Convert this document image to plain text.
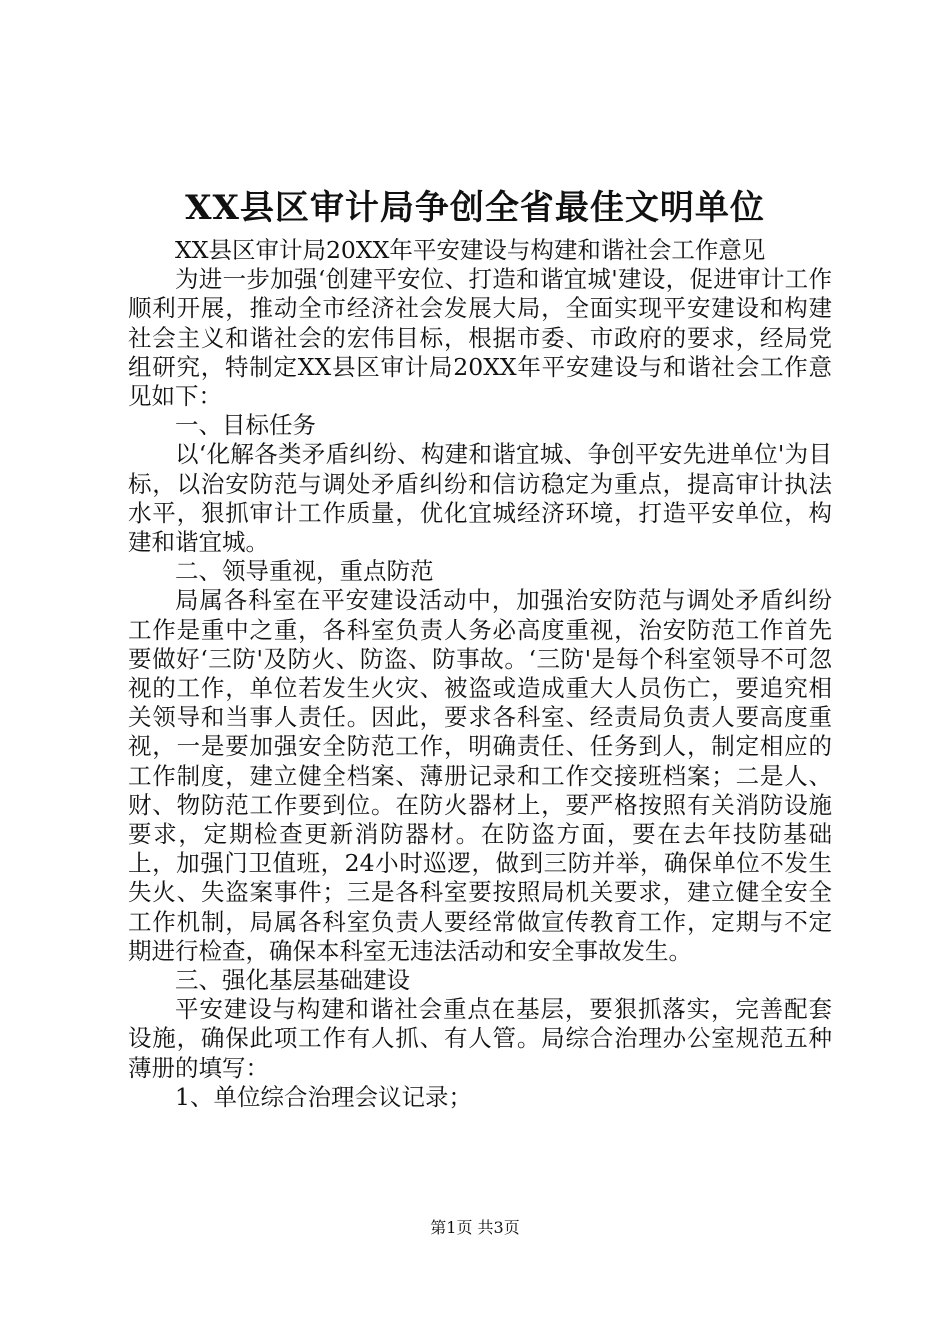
XX县区审计局争创全省最佳文明单位

XX县区审计局20XX年平安建设与构建和谐社会工作意见

为进一步加强‘创建平安位、打造和谐宜城'建设，促进审计工作顺利开展，推动全市经济社会发展大局，全面实现平安建设和构建社会主义和谐社会的宏伟目标，根据市委、市政府的要求，经局党组研究，特制定XX县区审计局20XX年平安建设与和谐社会工作意见如下：

一、目标任务

以‘化解各类矛盾纠纷、构建和谐宜城、争创平安先进单位'为目标，以治安防范与调处矛盾纠纷和信访稳定为重点，提高审计执法水平，狠抓审计工作质量，优化宜城经济环境，打造平安单位，构建和谐宜城。

二、领导重视，重点防范

局属各科室在平安建设活动中，加强治安防范与调处矛盾纠纷工作是重中之重，各科室负责人务必高度重视，治安防范工作首先要做好‘三防'及防火、防盗、防事故。‘三防'是每个科室领导不可忽视的工作，单位若发生火灾、被盗或造成重大人员伤亡，要追究相关领导和当事人责任。因此，要求各科室、经责局负责人要高度重视，一是要加强安全防范工作，明确责任、任务到人，制定相应的工作制度，建立健全档案、薄册记录和工作交接班档案；二是人、财、物防范工作要到位。在防火器材上，要严格按照有关消防设施要求，定期检查更新消防器材。在防盗方面，要在去年技防基础上，加强门卫值班，24小时巡逻，做到三防并举，确保单位不发生失火、失盗案事件；三是各科室要按照局机关要求，建立健全安全工作机制，局属各科室负责人要经常做宣传教育工作，定期与不定期进行检查，确保本科室无违法活动和安全事故发生。

三、强化基层基础建设

平安建设与构建和谐社会重点在基层，要狠抓落实，完善配套设施，确保此项工作有人抓、有人管。局综合治理办公室规范五种薄册的填写：

1、单位综合治理会议记录；

第1页 共3页
